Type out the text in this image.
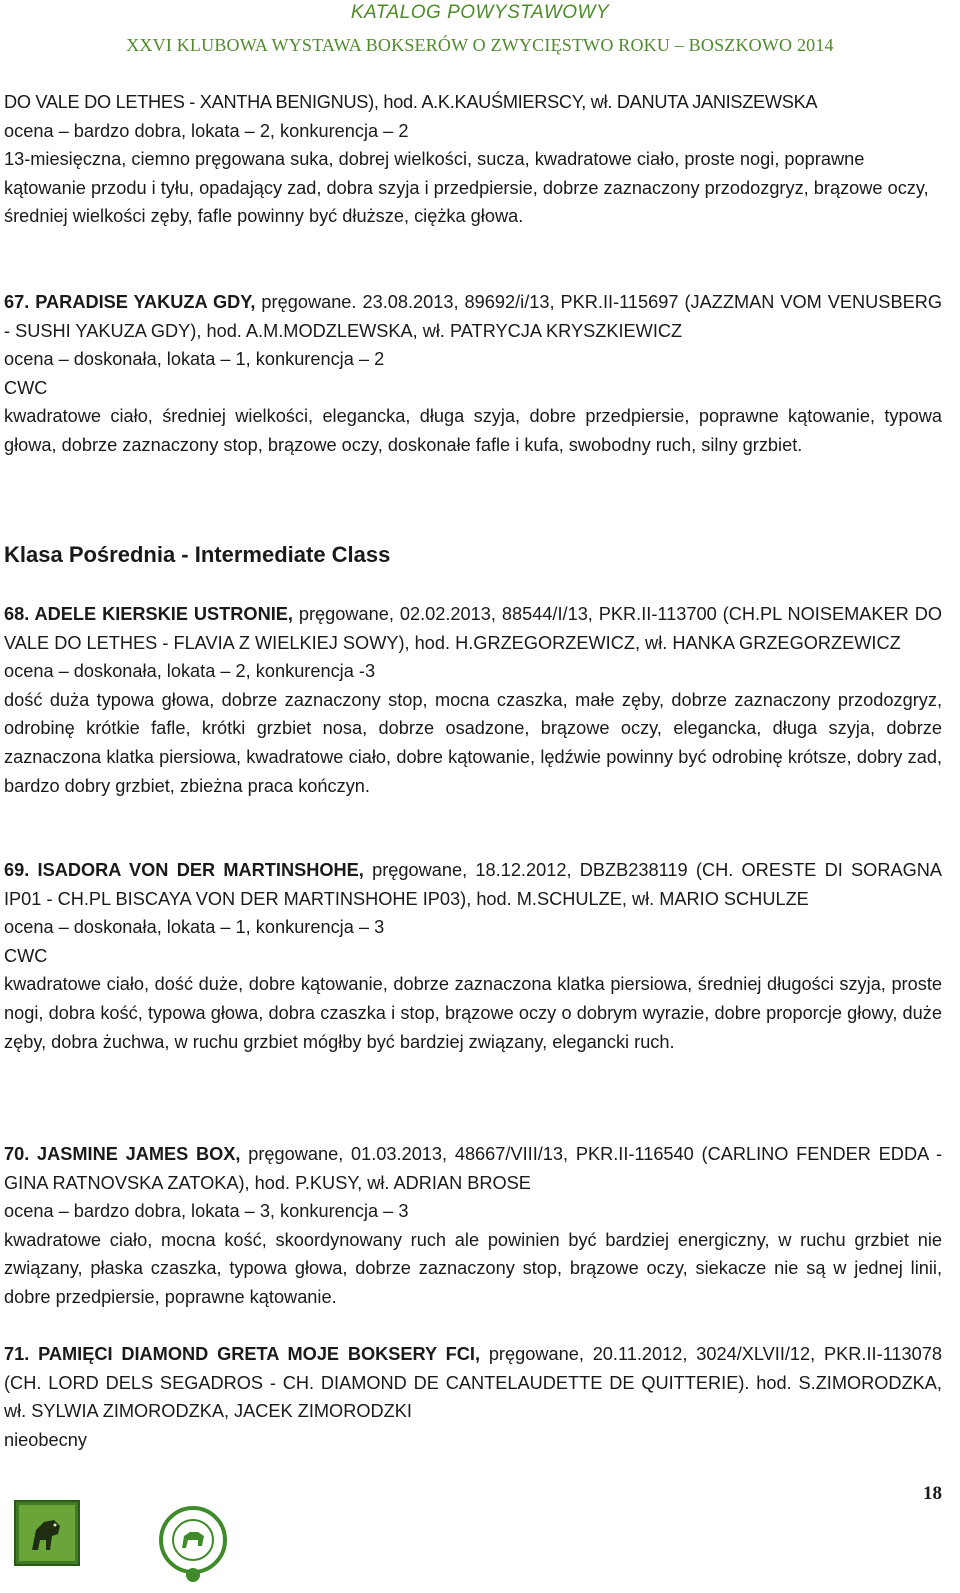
KATALOG POWYSTAWOWY
XXVI KLUBOWA WYSTAWA BOKSERÓW O ZWYCIĘSTWO ROKU – BOSZKOWO 2014

DO VALE DO LETHES - XANTHA BENIGNUS), hod. A.K.KAUŚMIERSCY, wł. DANUTA JANISZEWSKA

ocena – bardzo dobra, lokata – 2, konkurencja – 2

13-miesięczna, ciemno pręgowana suka, dobrej wielkości, sucza, kwadratowe ciało, proste nogi, poprawne kątowanie przodu i tyłu, opadający zad, dobra szyja i przedpiersie, dobrze zaznaczony przodozgryz, brązowe oczy, średniej wielkości zęby, fafle powinny być dłuższe, ciężka głowa.

67. PARADISE YAKUZA GDY, pręgowane. 23.08.2013, 89692/i/13, PKR.II-115697 (JAZZMAN VOM VENUSBERG - SUSHI YAKUZA GDY), hod. A.M.MODZLEWSKA, wł. PATRYCJA KRYSZKIEWICZ

ocena – doskonała, lokata – 1, konkurencja – 2

CWC

kwadratowe ciało, średniej wielkości, elegancka, długa szyja, dobre przedpiersie, poprawne kątowanie, typowa głowa, dobrze zaznaczony stop, brązowe oczy, doskonałe fafle i kufa, swobodny ruch, silny grzbiet.

Klasa Pośrednia - Intermediate Class

68. ADELE KIERSKIE USTRONIE, pręgowane, 02.02.2013, 88544/I/13, PKR.II-113700 (CH.PL NOISEMAKER DO VALE DO LETHES - FLAVIA Z WIELKIEJ SOWY), hod. H.GRZEGORZEWICZ, wł. HANKA GRZEGORZEWICZ

ocena – doskonała, lokata – 2, konkurencja -3

dość duża typowa głowa, dobrze zaznaczony stop, mocna czaszka, małe zęby, dobrze zaznaczony przodozgryz, odrobinę krótkie fafle, krótki grzbiet nosa, dobrze osadzone, brązowe oczy, elegancka, długa szyja, dobrze zaznaczona klatka piersiowa, kwadratowe ciało, dobre kątowanie, lędźwie powinny być odrobinę krótsze, dobry zad, bardzo dobry grzbiet, zbieżna praca kończyn.

69. ISADORA VON DER MARTINSHOHE, pręgowane, 18.12.2012, DBZB238119 (CH. ORESTE DI SORAGNA IP01 - CH.PL BISCAYA VON DER MARTINSHOHE IP03), hod. M.SCHULZE, wł. MARIO SCHULZE

ocena – doskonała, lokata – 1, konkurencja – 3

CWC

kwadratowe ciało, dość duże, dobre kątowanie, dobrze zaznaczona klatka piersiowa, średniej długości szyja, proste nogi, dobra kość, typowa głowa, dobra czaszka i stop, brązowe oczy o dobrym wyrazie, dobre proporcje głowy, duże zęby, dobra żuchwa, w ruchu grzbiet mógłby być bardziej związany, elegancki ruch.

70. JASMINE JAMES BOX, pręgowane, 01.03.2013, 48667/VIII/13, PKR.II-116540 (CARLINO FENDER EDDA - GINA RATNOVSKA ZATOKA), hod. P.KUSY, wł. ADRIAN BROSE

ocena – bardzo dobra, lokata – 3, konkurencja – 3

kwadratowe ciało, mocna kość, skoordynowany ruch ale powinien być bardziej energiczny, w ruchu grzbiet nie związany, płaska czaszka, typowa głowa, dobrze zaznaczony stop, brązowe oczy, siekacze nie są w jednej linii, dobre przedpiersie, poprawne kątowanie.

71. PAMIĘCI DIAMOND GRETA MOJE BOKSERY FCI, pręgowane, 20.11.2012, 3024/XLVII/12, PKR.II-113078 (CH. LORD DELS SEGADROS - CH. DIAMOND DE CANTELAUDETTE DE QUITTERIE). hod. S.ZIMORODZKA, wł. SYLWIA ZIMORODZKA, JACEK ZIMORODZKI

nieobecny

18
